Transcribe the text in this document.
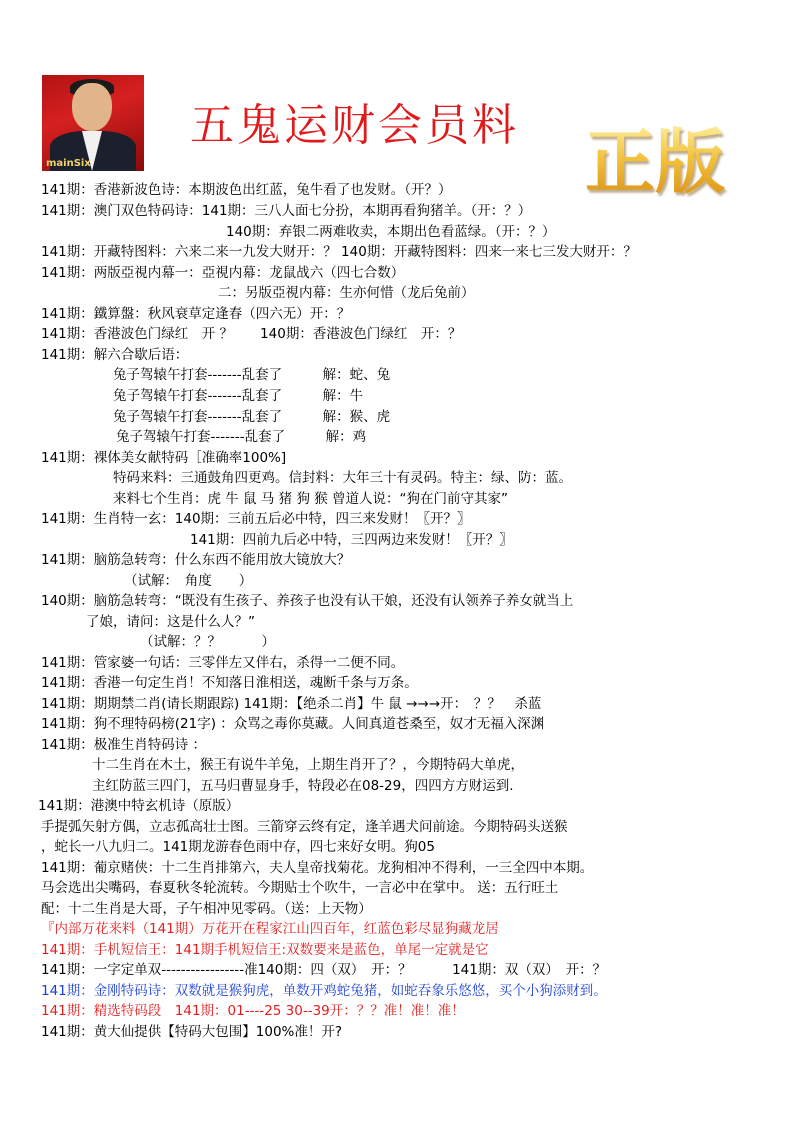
mainSix
五鬼运财会员料 正版
141期：香港新波色诗：本期波色出红蓝，兔牛看了也发财。（开？）
141期：澳门双色特码诗：141期：三八人面七分扮，本期再看狗猪羊。（开：？）
140期：弃银二两难收卖，本期出色看蓝绿。（开：？）
141期：开藏特图料：六来二来一九发大财开：？ 140期：开藏特图料：四来一来七三发大财开：？
141期：两版亞視内幕一：亞視内幕：龙鼠战六（四七合数）
二：另版亞視内幕：生亦何惜（龙后兔前）
141期：鐵算盤：秋风衰草定逢春（四六无）开：？
141期：香港波色门绿红　开 ？　　140期：香港波色门绿红　开：？
141期：解六合歇后语：
兔子驾辕午打套-------乱套了　　　解：蛇、兔
兔子驾辕午打套-------乱套了　　　解：牛
兔子驾辕午打套-------乱套了　　　解：猴、虎
兔子驾辕午打套-------乱套了　　　解：鸡
141期：裸体美女献特码［准确率100%]
特码来料：三通鼓角四更鸡。信封料：大年三十有灵码。特主：绿、防：蓝。
来料七个生肖：虎 牛 鼠 马 猪 狗 猴 曾道人说：“狗在门前守其家”
141期：生肖特一玄：140期：三前五后必中特，四三来发财！〖开？〗
141期：四前九后必中特，三四两边来发财！〖开？〗
141期：脑筋急转弯：什么东西不能用放大镜放大？
（试解：　角度　　）
140期：脑筋急转弯：“既没有生孩子、养孩子也没有认干娘，还没有认领养子养女就当上
了娘，请问：这是什么人？”
（试解：？？　　　）
141期：管家婆一句话：三零伴左又伴右，杀得一二便不同。
141期：香港一句定生肖！不知落日淮相送，魂断千条与万条。
141期：期期禁二肖(请长期跟踪) 141期：【绝杀二肖】牛 鼠 →→→开：　？？　杀蓝
141期：狗不理特码榜(21字) ：众骂之毒你莫藏。人间真道苍桑至，奴才无福入深渊
141期：极准生肖特码诗 ：
十二生肖在木土，猴王有说牛羊兔，上期生肖开了？，今期特码大单虎，
主红防蓝三四门，五马归曹显身手，特段必在08-29，四四方方财运到.
141期：港澳中特玄机诗（原版）
手提弧矢射方偶，立志孤高壮士图。三箭穿云终有定，逢羊遇犬问前途。今期特码头送猴
，蛇长一八九归二。141期龙游春色雨中存，四七来好女明。狗05
141期：葡京赌侠：十二生肖排第六，夫人皇帝找菊花。龙狗相冲不得利，一三全四中本期。
马会选出尖嘴码，春夏秋冬轮流转。今期贴士个吹牛，一言必中在掌中。 送：五行旺土
配：十二生肖是大哥，子午相冲见零码。（送：上天物）
『内部万花来料（141期）万花开在程家江山四百年，红蓝色彩尽显狗藏龙居
141期：手机短信王：141期手机短信王:双数要来是蓝色，单尾一定就是它
141期：一字定单双-----------------准140期：四（双）　开：？　　　141期：双（双）　开：？
141期：金刚特码诗：双数就是猴狗虎，单数开鸡蛇兔猪，如蛇吞象乐悠悠，买个小狗添财到。
141期：精选特码段　141期：01----25 30--39开：？？准！准！准！
141期：黄大仙提供【特码大包围】100%准！开?
